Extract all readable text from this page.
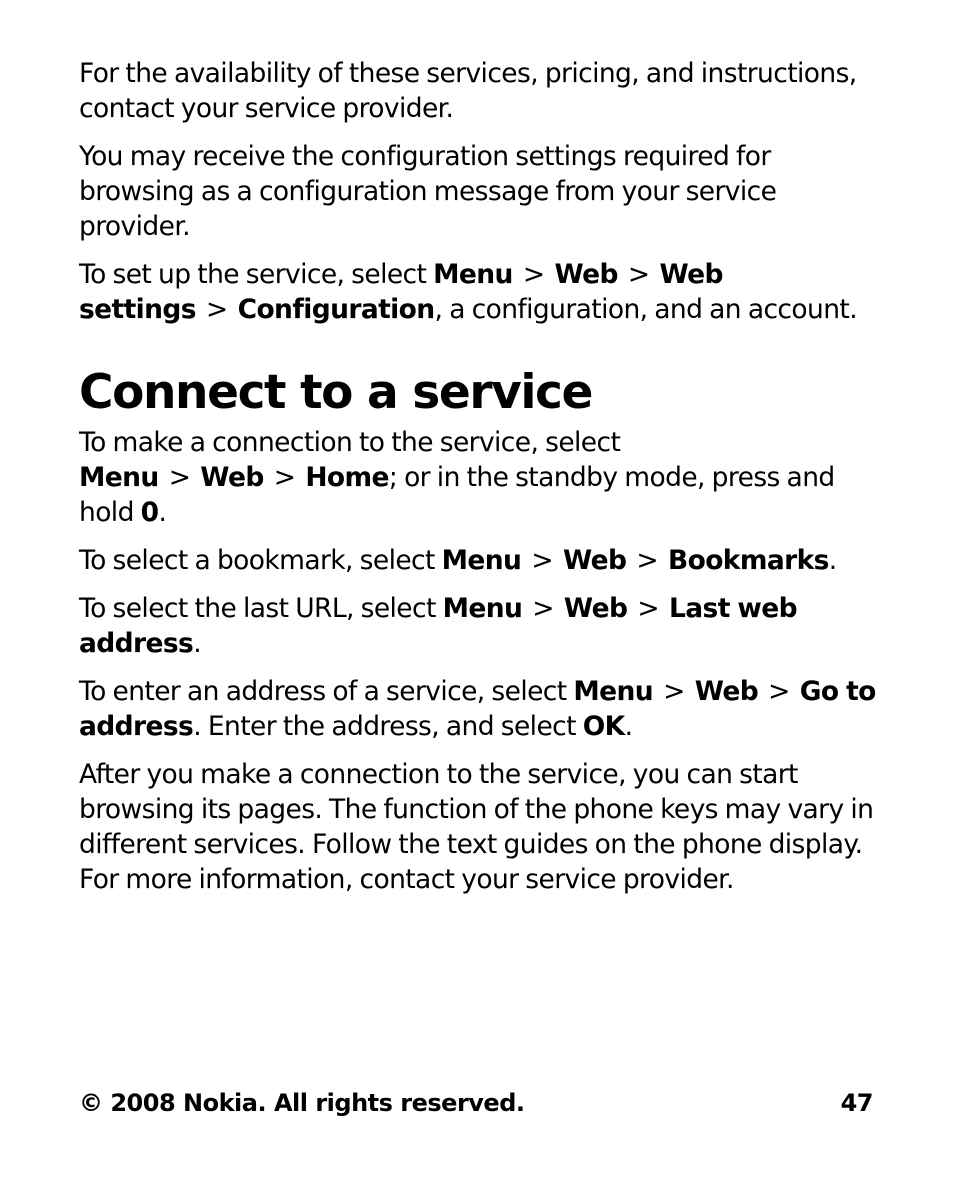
For the availability of these services, pricing, and instructions, contact your service provider.

You may receive the configuration settings required for browsing as a configuration message from your service provider.

To set up the service, select Menu > Web > Web settings > Configuration, a configuration, and an account.

Connect to a service

To make a connection to the service, select Menu > Web > Home; or in the standby mode, press and hold 0.

To select a bookmark, select Menu > Web > Bookmarks.

To select the last URL, select Menu > Web > Last web address.

To enter an address of a service, select Menu > Web > Go to address. Enter the address, and select OK.

After you make a connection to the service, you can start browsing its pages. The function of the phone keys may vary in different services. Follow the text guides on the phone display. For more information, contact your service provider.

© 2008 Nokia. All rights reserved.	47
